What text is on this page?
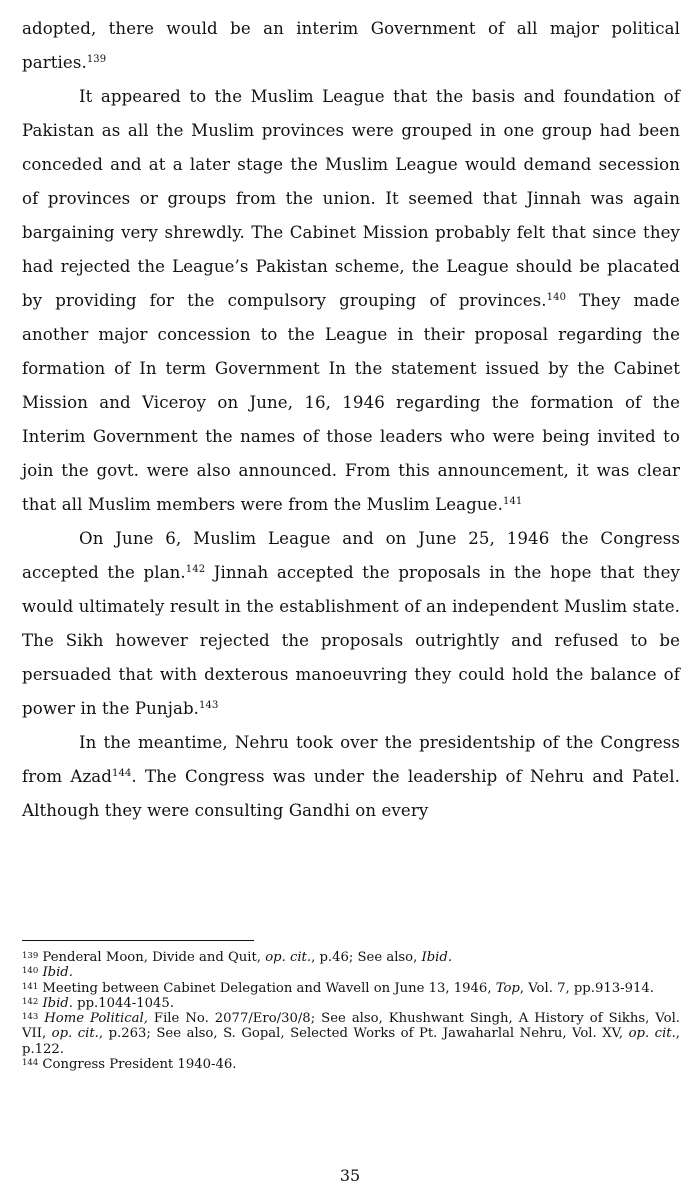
adopted, there would be an interim Government of all major political parties.$^{139}$

It appeared to the Muslim League that the basis and foundation of Pakistan as all the Muslim provinces were grouped in one group had been conceded and at a later stage the Muslim League would demand secession of provinces or groups from the union. It seemed that Jinnah was again bargaining very shrewdly. The Cabinet Mission probably felt that since they had rejected the League’s Pakistan scheme, the League should be placated by providing for the compulsory grouping of provinces.$^{140}$ They made another major concession to the League in their proposal regarding the formation of In term Government In the statement issued by the Cabinet Mission and Viceroy on June, 16, 1946 regarding the formation of the Interim Government the names of those leaders who were being invited to join the govt. were also announced. From this announcement, it was clear that all Muslim members were from the Muslim League.$^{141}$

On June 6, Muslim League and on June 25, 1946 the Congress accepted the plan.$^{142}$ Jinnah accepted the proposals in the hope that they would ultimately result in the establishment of an independent Muslim state. The Sikh however rejected the proposals outrightly and refused to be persuaded that with dexterous manoeuvring they could hold the balance of power in the Punjab.$^{143}$

In the meantime, Nehru took over the presidentship of the Congress from Azad$^{144}$. The Congress was under the leadership of Nehru and Patel. Although they were consulting Gandhi on every

$^{139}$ Penderal Moon, Divide and Quit, op. cit., p.46; See also, Ibid.

$^{140}$ Ibid.

$^{141}$ Meeting between Cabinet Delegation and Wavell on June 13, 1946, Top, Vol. 7, pp.913-914.

$^{142}$ Ibid. pp.1044-1045.

$^{143}$ Home Political, File No. 2077/Ero/30/8; See also, Khushwant Singh, A History of Sikhs, Vol. VII, op. cit., p.263; See also, S. Gopal, Selected Works of Pt. Jawaharlal Nehru, Vol. XV, op. cit., p.122.

$^{144}$ Congress President 1940-46.

35
